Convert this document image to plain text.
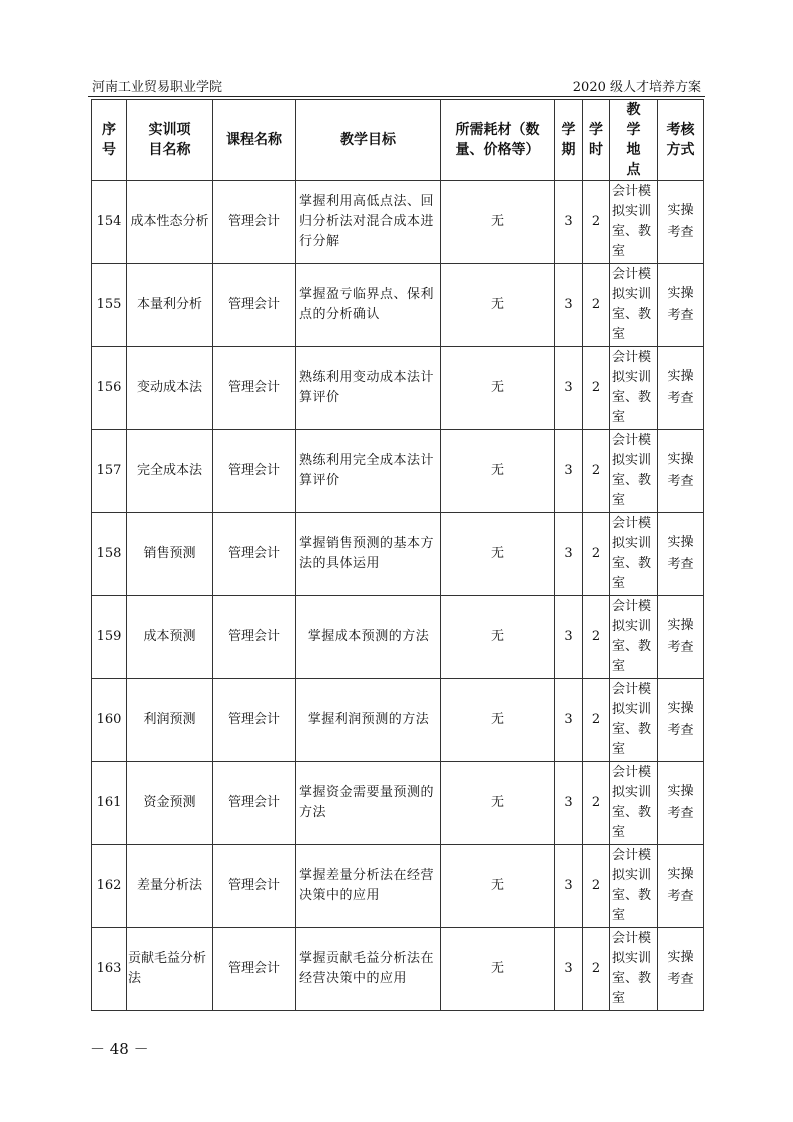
河南工业贸易职业学院	2020 级人才培养方案
序号	实训项目名称	课程名称	教学目标	所需耗材（数量、价格等）	学期	学时	教学地点	考核方式
154	成本性态分析	管理会计	掌握利用高低点法、回归分析法对混合成本进行分解	无	3	2	会计模拟实训室、教室	实操考查
155	本量利分析	管理会计	掌握盈亏临界点、保利点的分析确认	无	3	2	会计模拟实训室、教室	实操考查
156	变动成本法	管理会计	熟练利用变动成本法计算评价	无	3	2	会计模拟实训室、教室	实操考查
157	完全成本法	管理会计	熟练利用完全成本法计算评价	无	3	2	会计模拟实训室、教室	实操考查
158	销售预测	管理会计	掌握销售预测的基本方法的具体运用	无	3	2	会计模拟实训室、教室	实操考查
159	成本预测	管理会计	掌握成本预测的方法	无	3	2	会计模拟实训室、教室	实操考查
160	利润预测	管理会计	掌握利润预测的方法	无	3	2	会计模拟实训室、教室	实操考查
161	资金预测	管理会计	掌握资金需要量预测的方法	无	3	2	会计模拟实训室、教室	实操考查
162	差量分析法	管理会计	掌握差量分析法在经营决策中的应用	无	3	2	会计模拟实训室、教室	实操考查
163	贡献毛益分析法	管理会计	掌握贡献毛益分析法在经营决策中的应用	无	3	2	会计模拟实训室、教室	实操考查
－ 48 －
